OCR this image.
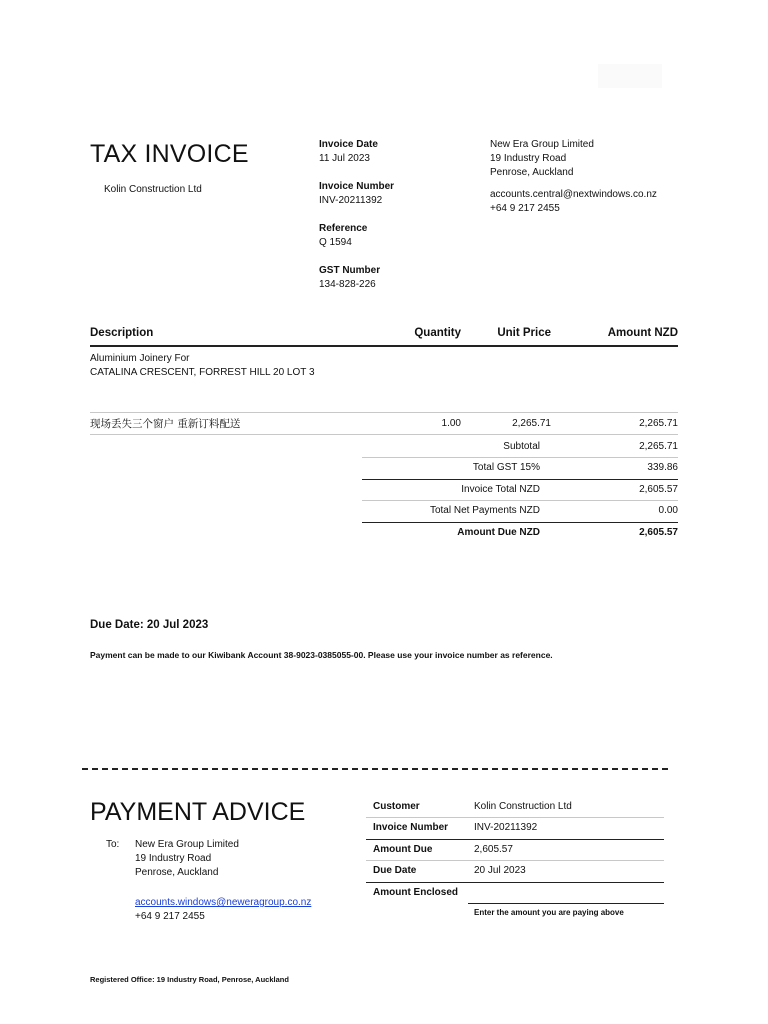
TAX INVOICE
Kolin Construction Ltd
Invoice Date
11 Jul 2023
Invoice Number
INV-20211392
Reference
Q 1594
GST Number
134-828-226
New Era Group Limited
19 Industry Road
Penrose, Auckland
accounts.central@nextwindows.co.nz
+64 9 217 2455
Description	Quantity	Unit Price	Amount NZD
Aluminium Joinery For
CATALINA CRESCENT, FORREST HILL 20 LOT 3
现场丢失三个窗户 重新订料配送	1.00	2,265.71	2,265.71
Subtotal	2,265.71
Total GST 15%	339.86
Invoice Total NZD	2,605.57
Total Net Payments NZD	0.00
Amount Due NZD	2,605.57
Due Date: 20 Jul 2023
Payment can be made to our Kiwibank Account 38-9023-0385055-00. Please use your invoice number as reference.
PAYMENT ADVICE
To: New Era Group Limited
19 Industry Road
Penrose, Auckland
accounts.windows@neweragroup.co.nz
+64 9 217 2455
Customer	Kolin Construction Ltd
Invoice Number	INV-20211392
Amount Due	2,605.57
Due Date	20 Jul 2023
Amount Enclosed
Enter the amount you are paying above
Registered Office: 19 Industry Road, Penrose, Auckland
